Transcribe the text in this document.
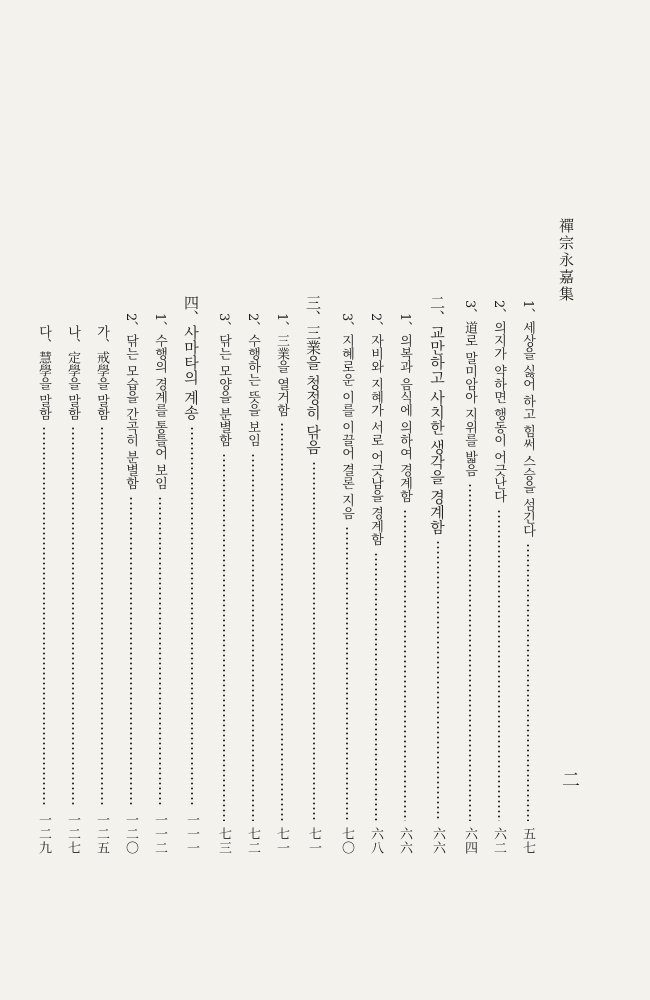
禪宗永嘉集
二
1、세상을 싫어 하고 힘써 스승을 섬긴다
五七
2、의지가 약하면 행동이 어긋난다
六二
3、道로 말미암아 지위를 밟음
六四
二、교만하고 사치한 생각을 경계함
六六
1、의복과 음식에 의하여 경계함
六六
2、자비와 지혜가 서로 어긋남을 경계함
六八
3、지혜로운 이를 이끌어 결론 지음
七〇
三、三業을 청정히 닦음
七一
1、三業을 열거함
七一
2、수행하는 뜻을 보임
七二
3、닦는 모양을 분별함
七三
四、사마타의 계송
一一一
1、수행의 경계를 통틀어 보임
一一二
2、닦는 모습을 간곡히 분별함
一二〇
가、戒學을 말함
一二五
나、定學을 말함
一二七
다、慧學을 말함
一二九
